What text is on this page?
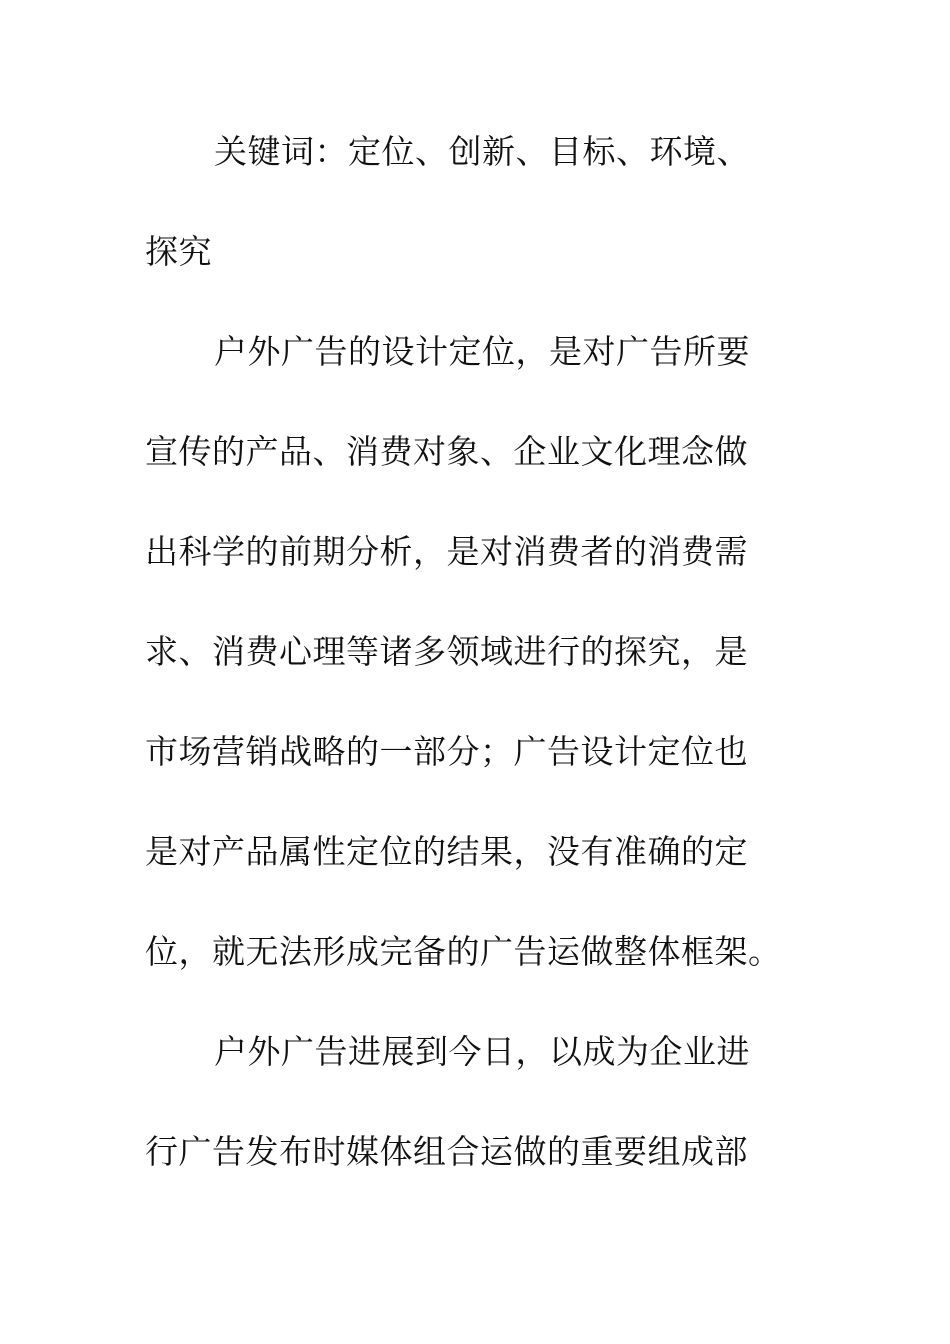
关键词：定位、创新、目标、环境、
探究
户外广告的设计定位，是对广告所要
宣传的产品、消费对象、企业文化理念做
出科学的前期分析，是对消费者的消费需
求、消费心理等诸多领域进行的探究，是
市场营销战略的一部分；广告设计定位也
是对产品属性定位的结果，没有准确的定
位，就无法形成完备的广告运做整体框架。
户外广告进展到今日，以成为企业进
行广告发布时媒体组合运做的重要组成部
